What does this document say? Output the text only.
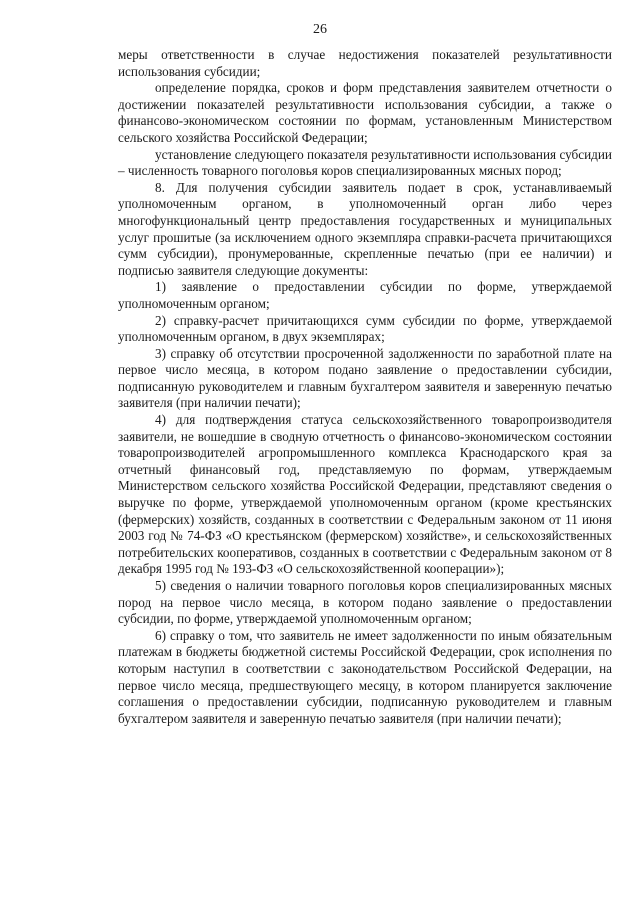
26

меры ответственности в случае недостижения показателей результативности использования субсидии;

определение порядка, сроков и форм представления заявителем отчетности о достижении показателей результативности использования субсидии, а также о финансово-экономическом состоянии по формам, установленным Министерством сельского хозяйства Российской Федерации;

установление следующего показателя результативности использования субсидии – численность товарного поголовья коров специализированных мясных пород;

8. Для получения субсидии заявитель подает в срок, устанавливаемый уполномоченным органом, в уполномоченный орган либо через многофункциональный центр предоставления государственных и муниципальных услуг прошитые (за исключением одного экземпляра справки-расчета причитающихся сумм субсидии), пронумерованные, скрепленные печатью (при ее наличии) и подписью заявителя следующие документы:

1) заявление о предоставлении субсидии по форме, утверждаемой уполномоченным органом;

2) справку-расчет причитающихся сумм субсидии по форме, утверждаемой уполномоченным органом, в двух экземплярах;

3) справку об отсутствии просроченной задолженности по заработной плате на первое число месяца, в котором подано заявление о предоставлении субсидии, подписанную руководителем и главным бухгалтером заявителя и заверенную печатью заявителя (при наличии печати);

4) для подтверждения статуса сельскохозяйственного товаропроизводителя заявители, не вошедшие в сводную отчетность о финансово-экономическом состоянии товаропроизводителей агропромышленного комплекса Краснодарского края за отчетный финансовый год, представляемую по формам, утверждаемым Министерством сельского хозяйства Российской Федерации, представляют сведения о выручке по форме, утверждаемой уполномоченным органом (кроме крестьянских (фермерских) хозяйств, созданных в соответствии с Федеральным законом от 11 июня 2003 год № 74-ФЗ «О крестьянском (фермерском) хозяйстве», и сельскохозяйственных потребительских кооперативов, созданных в соответствии с Федеральным законом от 8 декабря 1995 год № 193-ФЗ «О сельскохозяйственной кооперации»);

5) сведения о наличии товарного поголовья коров специализированных мясных пород на первое число месяца, в котором подано заявление о предоставлении субсидии, по форме, утверждаемой уполномоченным органом;

6) справку о том, что заявитель не имеет задолженности по иным обязательным платежам в бюджеты бюджетной системы Российской Федерации, срок исполнения по которым наступил в соответствии с законодательством Российской Федерации, на первое число месяца, предшествующего месяцу, в котором планируется заключение соглашения о предоставлении субсидии, подписанную руководителем и главным бухгалтером заявителя и заверенную печатью заявителя (при наличии печати);
